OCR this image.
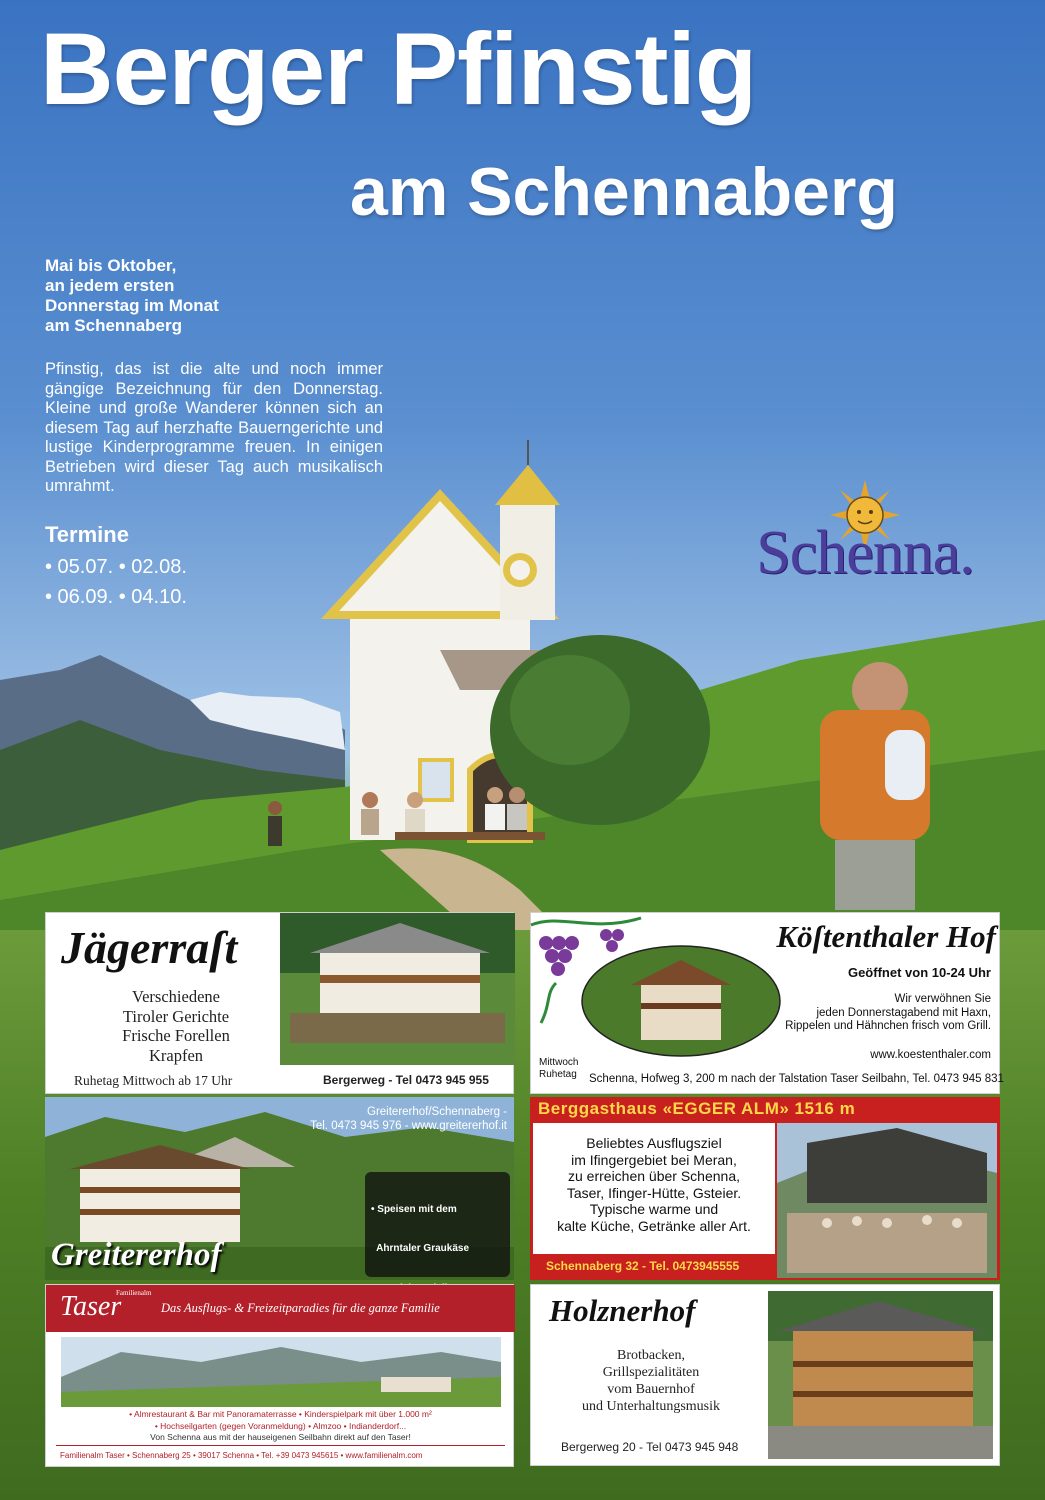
Berger Pfinstig
am Schennaberg
Mai bis Oktober,
an jedem ersten
Donnerstag im Monat
am Schennaberg
Pfinstig, das ist die alte und noch immer gängige Bezeichnung für den Donnerstag. Kleine und große Wanderer können sich an diesem Tag auf herzhafte Bauerngerichte und lustige Kinderprogramme freuen. In einigen Betrieben wird dieser Tag auch musikalisch umrahmt.
Termine
• 05.07. • 02.08.
• 06.09. • 04.10.
Schenna.
Jägerraſt
Verschiedene
Tiroler Gerichte
Frische Forellen
Krapfen
Ruhetag Mittwoch ab 17 Uhr	Bergerweg - Tel 0473 945 955
Köſtenthaler Hof
Geöffnet von 10-24 Uhr
Wir verwöhnen Sie
jeden Donnerstagabend mit Haxn,
Rippelen und Hähnchen frisch vom Grill.
www.koestenthaler.com
Mittwoch
Ruhetag Schenna, Hofweg 3, 200 m nach der Talstation Taser Seilbahn, Tel. 0473 945 831
Greitererhof/Schennaberg -
Tel. 0473 945 976 - www.greitererhof.it

• Speisen mit dem

Ahrntaler Graukäse

Greitererhof
Berggasthaus «EGGER ALM» 1516 m
Beliebtes Ausflugsziel
im Ifingergebiet bei Meran,
zu erreichen über Schenna,
Taser, Ifinger-Hütte, Gsteier.
Typische warme und
kalte Küche, Getränke aller Art.
Schennaberg 32 - Tel. 0473945555
Familienalm
Taser	Das Ausflugs- & Freizeitparadies für die ganze Familie
• Almrestaurant & Bar mit Panoramaterrasse • Kinderspielpark mit über 1.000 m²
• Hochseilgarten (gegen Voranmeldung) • Almzoo • Indianderdorf...
Von Schenna aus mit der hauseigenen Seilbahn direkt auf den Taser!
Familienalm Taser • Schennaberg 25 • 39017 Schenna • Tel. +39 0473 945615 • www.familienalm.com
Holznerhof
Brotbacken,
Grillspezialitäten
vom Bauernhof
und Unterhaltungsmusik
Bergerweg 20 - Tel 0473 945 948
